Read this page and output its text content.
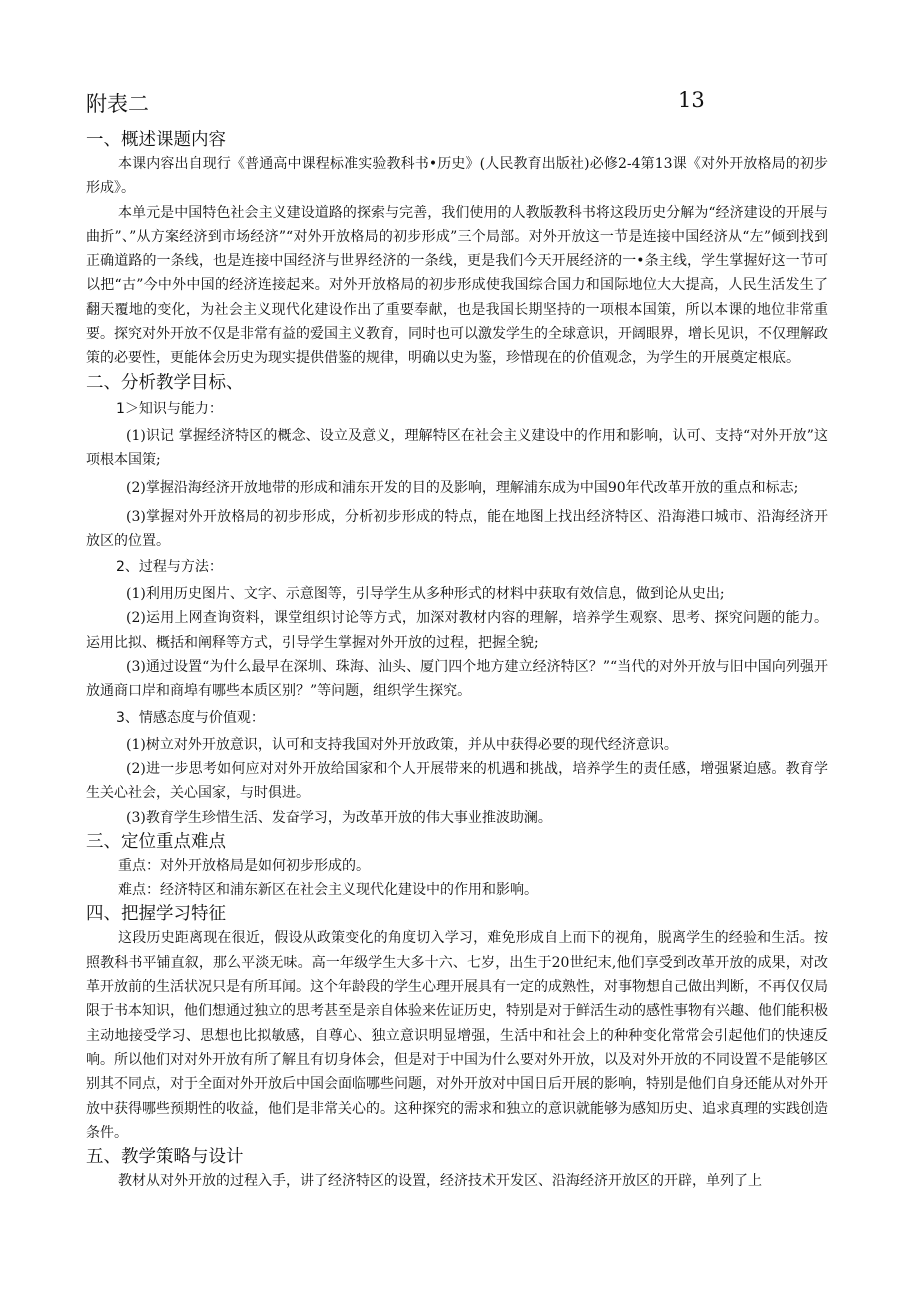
附表二	13
一、概述课题内容

本课内容出自现行《普通高中课程标准实验教科书•历史》(人民教育出版社)必修2-4第13课《对外开放格局的初步形成》。

本单元是中国特色社会主义建设道路的探索与完善，我们使用的人教版教科书将这段历史分解为“经济建设的开展与曲折”、”从方案经济到市场经济”“对外开放格局的初步形成”三个局部。对外开放这一节是连接中国经济从“左”倾到找到正确道路的一条线，也是连接中国经济与世界经济的一条线，更是我们今天开展经济的一•条主线，学生掌握好这一节可以把“古”今中外中国的经济连接起来。对外开放格局的初步形成使我国综合国力和国际地位大大提高，人民生活发生了翻天覆地的变化，为社会主义现代化建设作出了重要奉献，也是我国长期坚持的一项根本国策，所以本课的地位非常重要。探究对外开放不仅是非常有益的爱国主义教育，同时也可以激发学生的全球意识，开阔眼界，增长见识，不仅理解政策的必要性，更能体会历史为现实提供借鉴的规律，明确以史为鉴，珍惜现在的价值观念，为学生的开展奠定根底。

二、分析教学目标、
1＞知识与能力：

(1)识记 掌握经济特区的概念、设立及意义，理解特区在社会主义建设中的作用和影响，认可、支持“对外开放”这项根本国策;

(2)掌握沿海经济开放地带的形成和浦东开发的目的及影响，理解浦东成为中国90年代改革开放的重点和标志;

(3)掌握对外开放格局的初步形成，分析初步形成的特点，能在地图上找出经济特区、沿海港口城市、沿海经济开放区的位置。

2、过程与方法：

(1)利用历史图片、文字、示意图等，引导学生从多种形式的材料中获取有效信息，做到论从史出;

(2)运用上网查询资料，课堂组织讨论等方式，加深对教材内容的理解，培养学生观察、思考、探究问题的能力。运用比拟、概括和阐释等方式，引导学生掌握对外开放的过程，把握全貌;

(3)通过设置“为什么最早在深圳、珠海、汕头、厦门四个地方建立经济特区？”“当代的对外开放与旧中国向列强开放通商口岸和商埠有哪些本质区别？”等问题，组织学生探究。

3、情感态度与价值观：

(1)树立对外开放意识，认可和支持我国对外开放政策，并从中获得必要的现代经济意识。

(2)进一步思考如何应对对外开放给国家和个人开展带来的机遇和挑战，培养学生的责任感，增强紧迫感。教育学生关心社会，关心国家，与时俱进。

(3)教育学生珍惜生活、发奋学习，为改革开放的伟大事业推波助澜。

三、定位重点难点

重点：对外开放格局是如何初步形成的。

难点：经济特区和浦东新区在社会主义现代化建设中的作用和影响。

四、把握学习特征

这段历史距离现在很近，假设从政策变化的角度切入学习，难免形成自上而下的视角，脱离学生的经验和生活。按照教科书平铺直叙，那么平淡无味。高一年级学生大多十六、七岁，出生于20世纪末,他们享受到改革开放的成果，对改革开放前的生活状况只是有所耳闻。这个年龄段的学生心理开展具有一定的成熟性，对事物想自己做出判断，不再仅仅局限于书本知识，他们想通过独立的思考甚至是亲自体验来佐证历史，特别是对于鲜活生动的感性事物有兴趣、他们能积极主动地接受学习、思想也比拟敏感，自尊心、独立意识明显增强，生活中和社会上的种种变化常常会引起他们的快速反响。所以他们对对外开放有所了解且有切身体会，但是对于中国为什么要对外开放，以及对外开放的不同设置不是能够区别其不同点，对于全面对外开放后中国会面临哪些问题，对外开放对中国日后开展的影响，特别是他们自身还能从对外开放中获得哪些预期性的收益，他们是非常关心的。这种探究的需求和独立的意识就能够为感知历史、追求真理的实践创造条件。

五、教学策略与设计

教材从对外开放的过程入手，讲了经济特区的设置，经济技术开发区、沿海经济开放区的开辟，单列了上
